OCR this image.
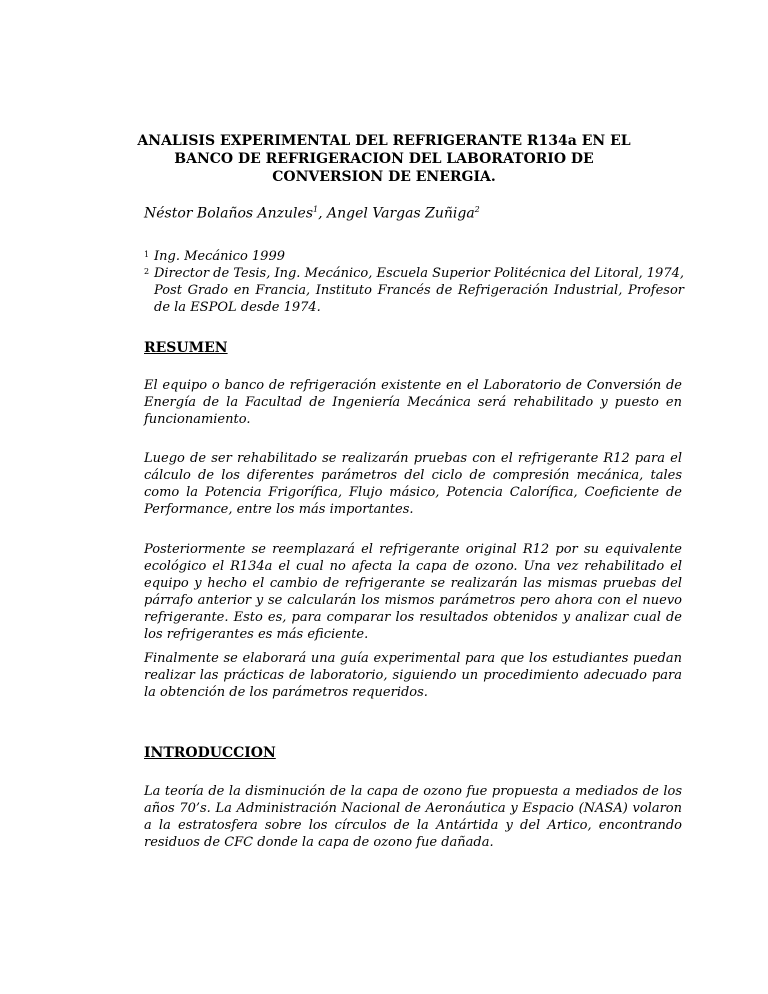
ANALISIS EXPERIMENTAL DEL REFRIGERANTE R134a EN EL BANCO DE REFRIGERACION DEL LABORATORIO DE CONVERSION DE ENERGIA.

Néstor Bolaños Anzules$^1$, Angel Vargas Zuñiga$^2$

1 Ing. Mecánico 1999
2 Director de Tesis, Ing. Mecánico, Escuela Superior Politécnica del Litoral, 1974, Post Grado en Francia, Instituto Francés de Refrigeración Industrial, Profesor de la ESPOL desde 1974.

RESUMEN

El equipo o banco de refrigeración existente en el Laboratorio de Conversión de Energía de la Facultad de Ingeniería Mecánica será rehabilitado y puesto en funcionamiento.

Luego de ser rehabilitado se realizarán pruebas con el refrigerante R12 para el cálculo de los diferentes parámetros del ciclo de compresión mecánica, tales como la Potencia Frigorífica, Flujo másico, Potencia Calorífica, Coeficiente de Performance, entre los más importantes.

Posteriormente se reemplazará el refrigerante original R12 por su equivalente ecológico el R134a el cual no afecta la capa de ozono. Una vez rehabilitado el equipo y hecho el cambio de refrigerante se realizarán las mismas pruebas del párrafo anterior y se calcularán los mismos parámetros pero ahora con el nuevo refrigerante. Esto es, para comparar los resultados obtenidos y analizar cual de los refrigerantes es más eficiente.

Finalmente se elaborará una guía experimental para que los estudiantes puedan realizar las prácticas de laboratorio, siguiendo un procedimiento adecuado para la obtención de los parámetros requeridos.

INTRODUCCION

La teoría de la disminución de la capa de ozono fue propuesta a mediados de los años 70’s. La Administración Nacional de Aeronáutica y Espacio (NASA) volaron a la estratosfera sobre los círculos de la Antártida y del Artico, encontrando residuos de CFC donde la capa de ozono fue dañada.
